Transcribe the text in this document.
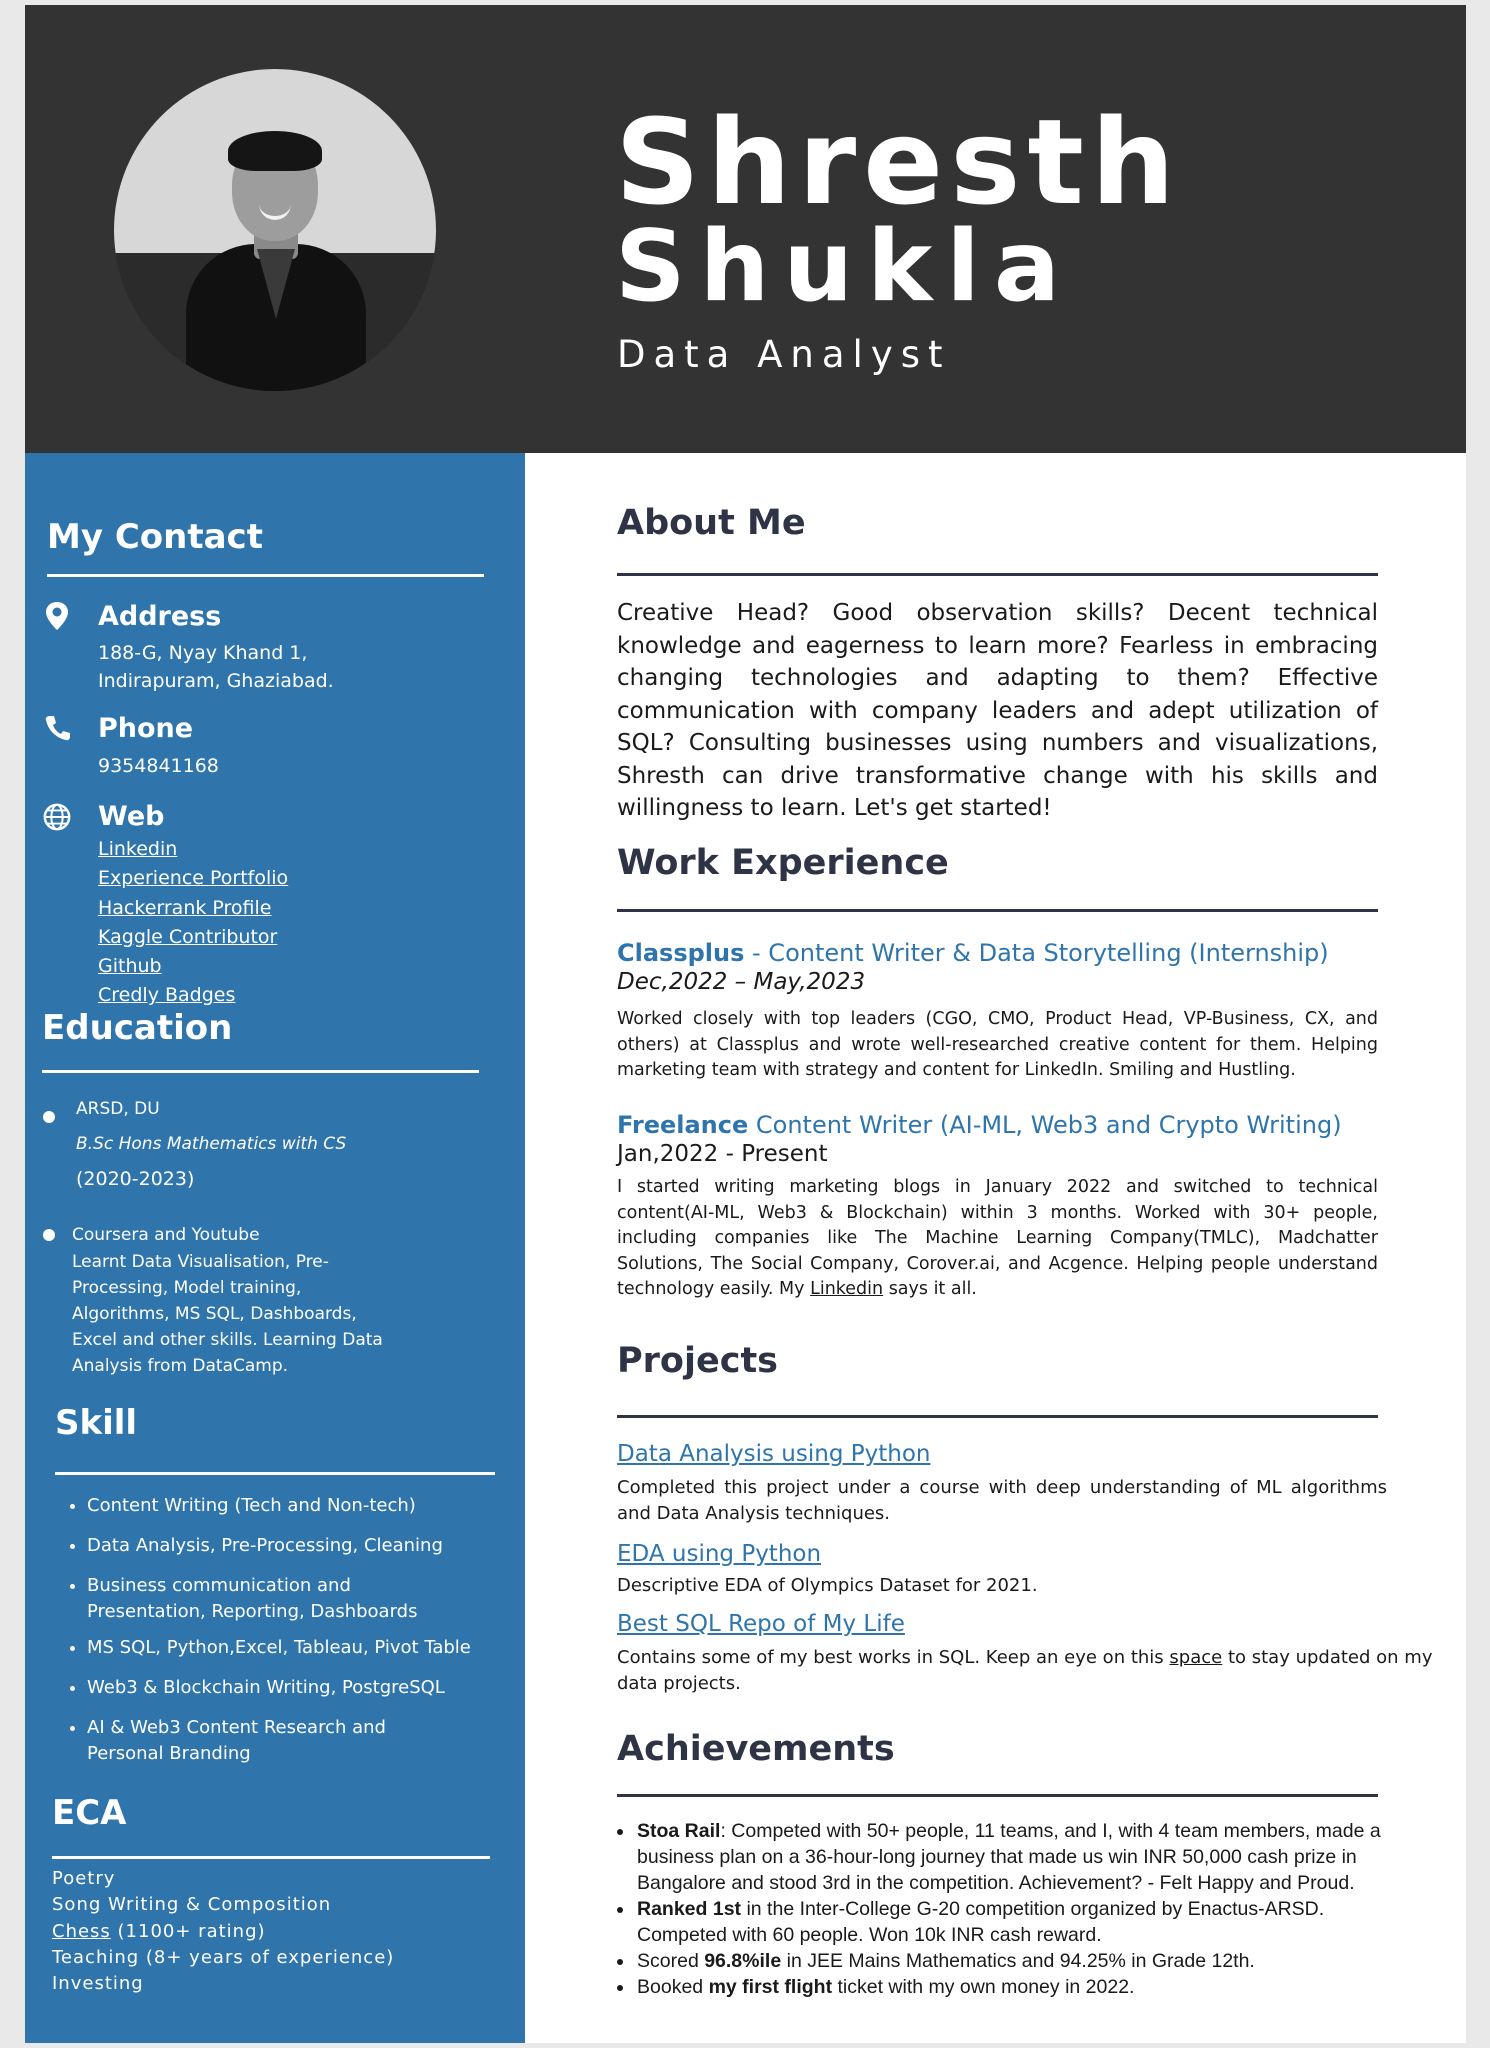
Shresth
Shukla
Data Analyst
My Contact
Address
188-G, Nyay Khand 1,
Indirapuram, Ghaziabad.
Phone
9354841168
Web
Linkedin
Experience Portfolio
Hackerrank Profile
Kaggle Contributor
Github
Credly Badges
Education
ARSD, DU
B.Sc Hons Mathematics with CS
(2020-2023)
Coursera and Youtube
Learnt Data Visualisation, Pre-
Processing, Model training,
Algorithms, MS SQL, Dashboards,
Excel and other skills. Learning Data
Analysis from DataCamp.
Skill
• Content Writing (Tech and Non-tech)
• Data Analysis, Pre-Processing, Cleaning
• Business communication and Presentation, Reporting, Dashboards
• MS SQL, Python,Excel, Tableau, Pivot Table
• Web3 & Blockchain Writing, PostgreSQL
• AI & Web3 Content Research and Personal Branding
ECA
Poetry
Song Writing & Composition
Chess (1100+ rating)
Teaching (8+ years of experience)
Investing
About Me

Creative Head? Good observation skills? Decent technical knowledge and eagerness to learn more? Fearless in embracing changing technologies and adapting to them? Effective communication with company leaders and adept utilization of SQL? Consulting businesses using numbers and visualizations, Shresth can drive transformative change with his skills and willingness to learn. Let's get started!

Work Experience
Classplus - Content Writer & Data Storytelling (Internship)
Dec,2022 – May,2023

Worked closely with top leaders (CGO, CMO, Product Head, VP-Business, CX, and others) at Classplus and wrote well-researched creative content for them. Helping marketing team with strategy and content for LinkedIn. Smiling and Hustling.

Freelance Content Writer (AI-ML, Web3 and Crypto Writing)
Jan,2022 - Present

I started writing marketing blogs in January 2022 and switched to technical content(AI-ML, Web3 & Blockchain) within 3 months. Worked with 30+ people, including companies like The Machine Learning Company(TMLC), Madchatter Solutions, The Social Company, Corover.ai, and Acgence. Helping people understand technology easily. My Linkedin says it all.

Projects
Data Analysis using Python

Completed this project under a course with deep understanding of ML algorithms and Data Analysis techniques.

EDA using Python

Descriptive EDA of Olympics Dataset for 2021.

Best SQL Repo of My Life

Contains some of my best works in SQL. Keep an eye on this space to stay updated on my data projects.

Achievements
• Stoa Rail: Competed with 50+ people, 11 teams, and I, with 4 team members, made a business plan on a 36-hour-long journey that made us win INR 50,000 cash prize in Bangalore and stood 3rd in the competition. Achievement? - Felt Happy and Proud.
• Ranked 1st in the Inter-College G-20 competition organized by Enactus-ARSD. Competed with 60 people. Won 10k INR cash reward.
• Scored 96.8%ile in JEE Mains Mathematics and 94.25% in Grade 12th.
• Booked my first flight ticket with my own money in 2022.
